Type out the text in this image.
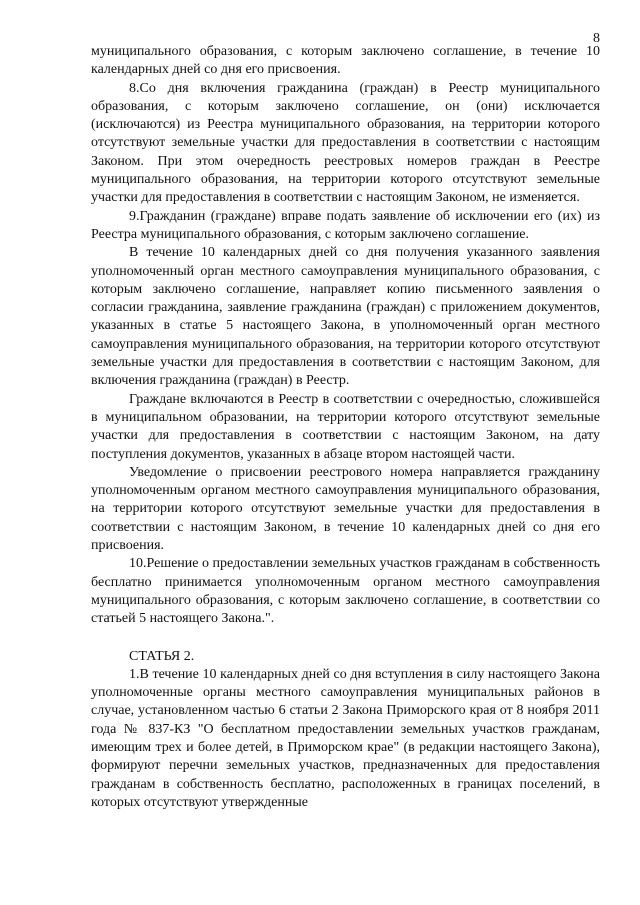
8

муниципального образования, с которым заключено соглашение, в течение 10 календарных дней со дня его присвоения.

8.Со дня включения гражданина (граждан) в Реестр муниципального образования, с которым заключено соглашение, он (они) исключается (исключаются) из Реестра муниципального образования, на территории которого отсутствуют земельные участки для предоставления в соответствии с настоящим Законом. При этом очередность реестровых номеров граждан в Реестре муниципального образования, на территории которого отсутствуют земельные участки для предоставления в соответствии с настоящим Законом, не изменяется.

9.Гражданин (граждане) вправе подать заявление об исключении его (их) из Реестра муниципального образования, с которым заключено соглашение.

В течение 10 календарных дней со дня получения указанного заявления уполномоченный орган местного самоуправления муниципального образования, с которым заключено соглашение, направляет копию письменного заявления о согласии гражданина, заявление гражданина (граждан) с приложением документов, указанных в статье 5 настоящего Закона, в уполномоченный орган местного самоуправления муниципального образования, на территории которого отсутствуют земельные участки для предоставления в соответствии с настоящим Законом, для включения гражданина (граждан) в Реестр.

Граждане включаются в Реестр в соответствии с очередностью, сложившейся в муниципальном образовании, на территории которого отсутствуют земельные участки для предоставления в соответствии с настоящим Законом, на дату поступления документов, указанных в абзаце втором настоящей части.

Уведомление о присвоении реестрового номера направляется гражданину уполномоченным органом местного самоуправления муниципального образования, на территории которого отсутствуют земельные участки для предоставления в соответствии с настоящим Законом, в течение 10 календарных дней со дня его присвоения.

10.Решение о предоставлении земельных участков гражданам в собственность бесплатно принимается уполномоченным органом местного самоуправления муниципального образования, с которым заключено соглашение, в соответствии со статьей 5 настоящего Закона.".

СТАТЬЯ 2.

1.В течение 10 календарных дней со дня вступления в силу настоящего Закона уполномоченные органы местного самоуправления муниципальных районов в случае, установленном частью 6 статьи 2 Закона Приморского края от 8 ноября 2011 года № 837-КЗ "О бесплатном предоставлении земельных участков гражданам, имеющим трех и более детей, в Приморском крае" (в редакции настоящего Закона), формируют перечни земельных участков, предназначенных для предоставления гражданам в собственность бесплатно, расположенных в границах поселений, в которых отсутствуют утвержденные
